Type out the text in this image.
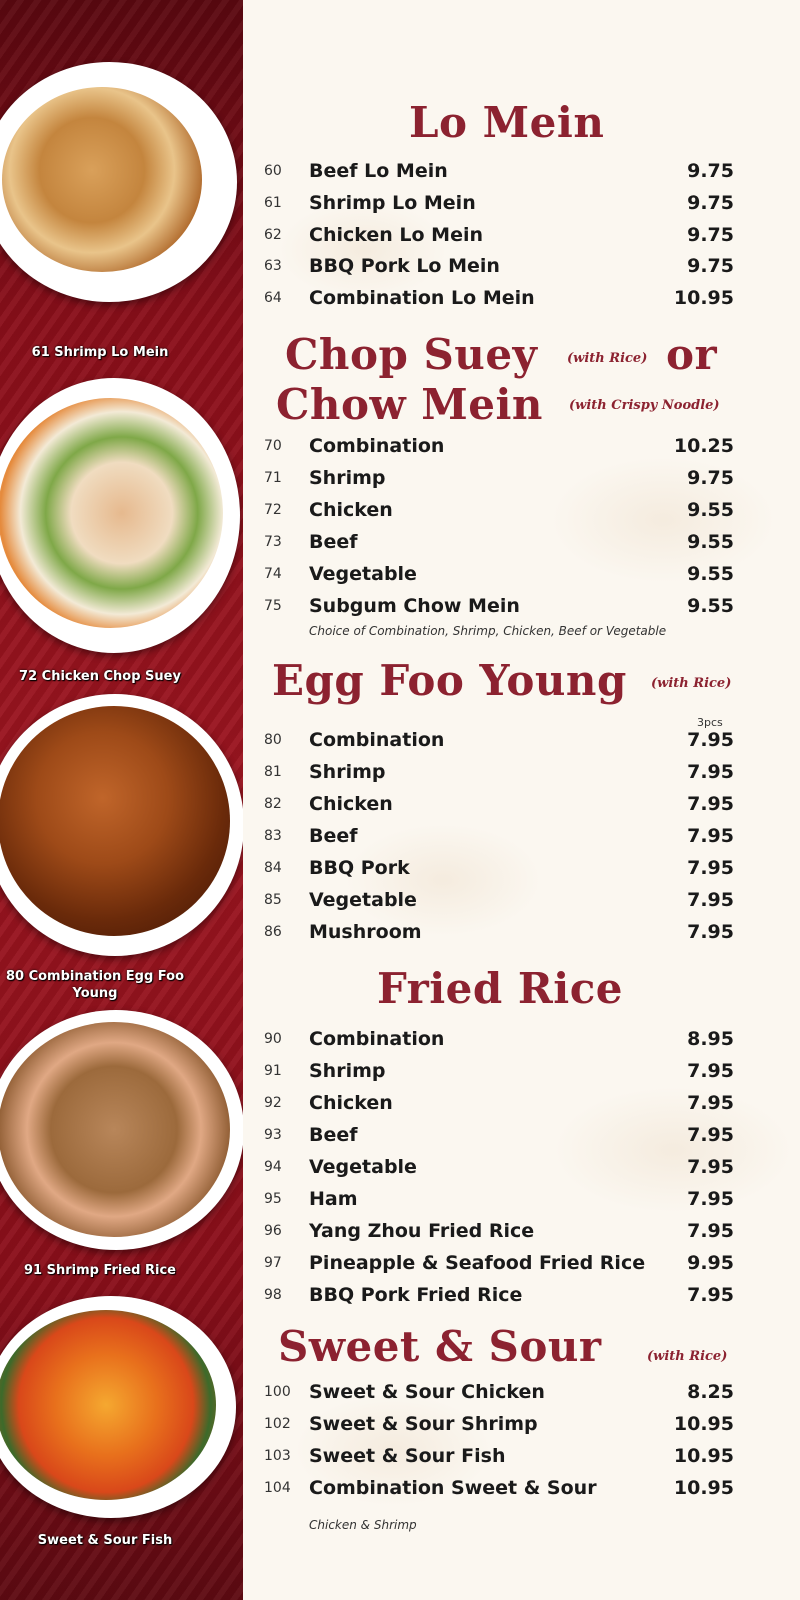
61 Shrimp Lo Mein
72 Chicken Chop Suey
80 Combination Egg Foo Young
91 Shrimp Fried Rice
Sweet & Sour Fish
Lo Mein
60 Beef Lo Mein	9.75
61 Shrimp Lo Mein	9.75
62 Chicken Lo Mein	9.75
63 BBQ Pork Lo Mein	9.75
64 Combination Lo Mein	10.95
Chop Suey (with Rice) or
Chow Mein (with Crispy Noodle)
70 Combination	10.25
71 Shrimp	9.75
72 Chicken	9.55
73 Beef	9.55
74 Vegetable	9.55
75 Subgum Chow Mein	9.55
Choice of Combination, Shrimp, Chicken, Beef or Vegetable
Egg Foo Young (with Rice)
3pcs
80 Combination	7.95
81 Shrimp	7.95
82 Chicken	7.95
83 Beef	7.95
84 BBQ Pork	7.95
85 Vegetable	7.95
86 Mushroom	7.95
Fried Rice
90 Combination	8.95
91 Shrimp	7.95
92 Chicken	7.95
93 Beef	7.95
94 Vegetable	7.95
95 Ham	7.95
96 Yang Zhou Fried Rice	7.95
97 Pineapple & Seafood Fried Rice 9.95
98 BBQ Pork Fried Rice	7.95
Sweet & Sour	(with Rice)
100 Sweet & Sour Chicken	8.25
102 Sweet & Sour Shrimp	10.95
103 Sweet & Sour Fish	10.95
104 Combination Sweet & Sour	10.95
Chicken & Shrimp
